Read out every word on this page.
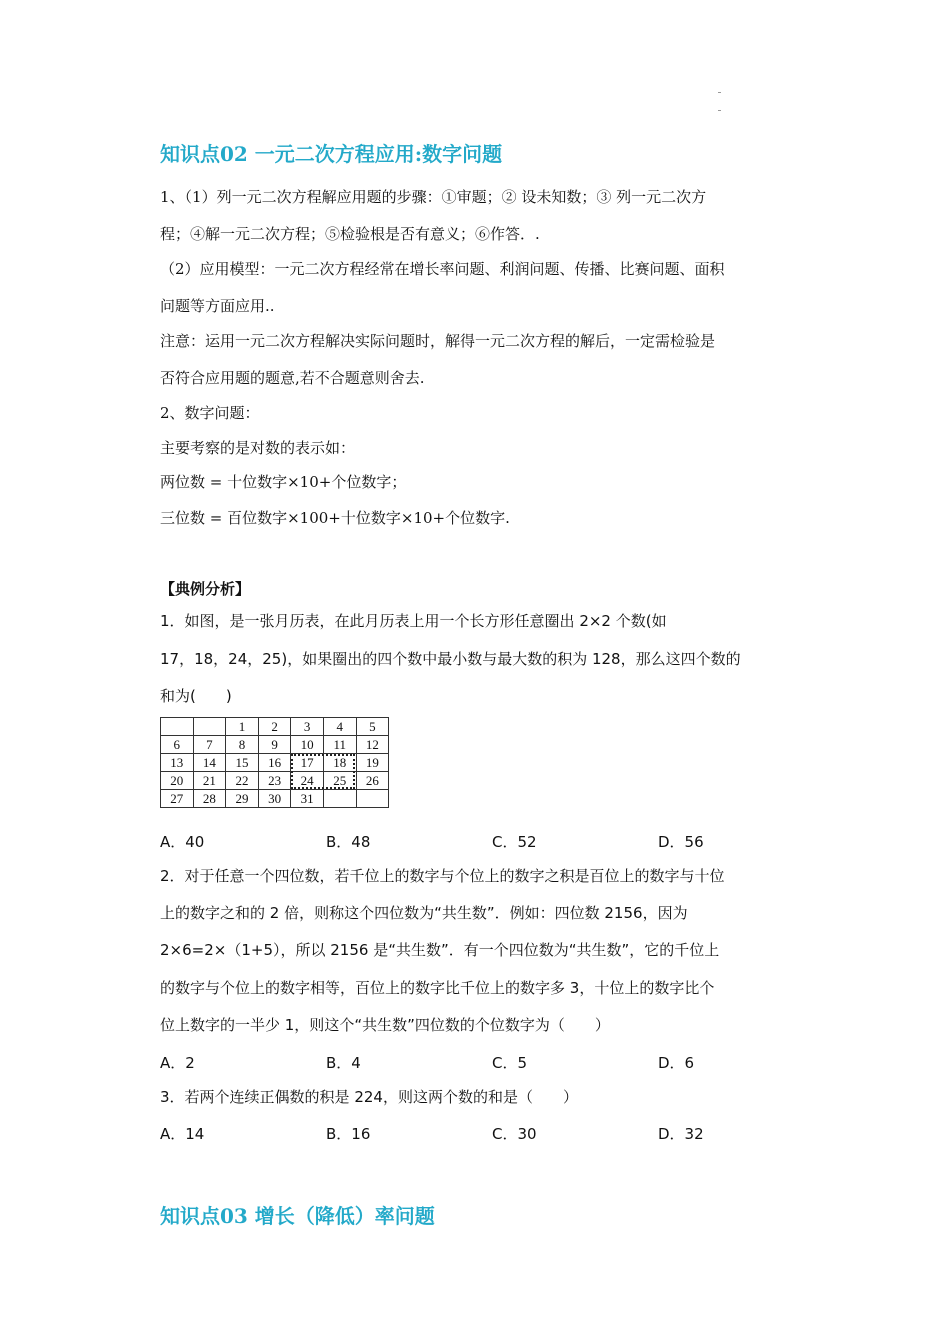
知识点02 一元二次方程应用:数字问题
1、（1）列一元二次方程解应用题的步骤：①审题；② 设未知数；③ 列一元二次方
程；④解一元二次方程；⑤检验根是否有意义；⑥作答．.
（2）应用模型：一元二次方程经常在增长率问题、利润问题、传播、比赛问题、面积
问题等方面应用..
注意：运用一元二次方程解决实际问题时，解得一元二次方程的解后，一定需检验是
否符合应用题的题意,若不合题意则舍去.
2、数字问题：
主要考察的是对数的表示如：
两位数 = 十位数字×10+个位数字；
三位数 = 百位数字×100+十位数字×10+个位数字.
【典例分析】
1．如图，是一张月历表，在此月历表上用一个长方形任意圈出 2×2 个数(如
17，18，24，25)，如果圈出的四个数中最小数与最大数的积为 128，那么这四个数的
和为(　　)
		1	2	3	4	5
6	7	8	9	10	11	12
13	14	15	16	17	18	19
20	21	22	23	24	25	26
27	28	29	30	31		
A．40	B．48	C．52	D．56
2．对于任意一个四位数，若千位上的数字与个位上的数字之积是百位上的数字与十位
上的数字之和的 2 倍，则称这个四位数为“共生数”．例如：四位数 2156，因为
2×6=2×（1+5），所以 2156 是“共生数”．有一个四位数为“共生数”，它的千位上
的数字与个位上的数字相等，百位上的数字比千位上的数字多 3，十位上的数字比个
位上数字的一半少 1，则这个“共生数”四位数的个位数字为（　　）
A．2	B．4	C．5	D．6
3．若两个连续正偶数的积是 224，则这两个数的和是（　　）
A．14	B．16	C．30	D．32
知识点03 增长（降低）率问题
